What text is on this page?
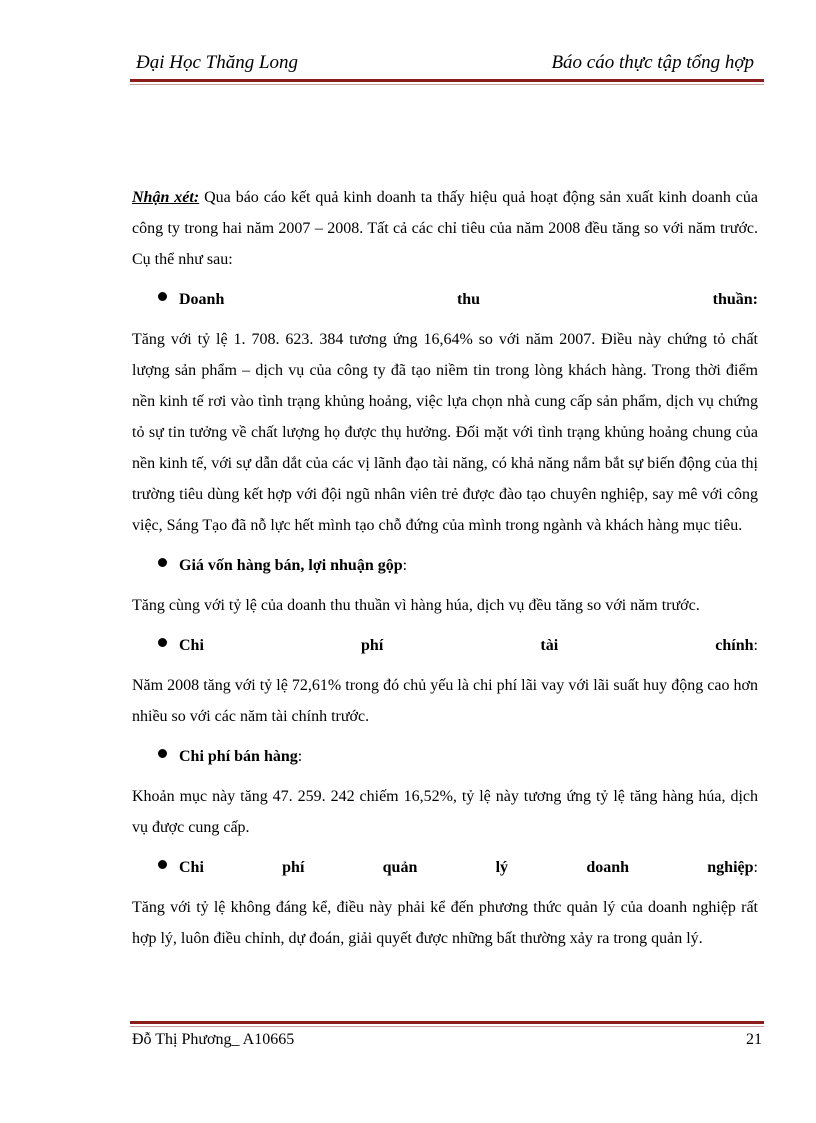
Đại Học Thăng Long	Báo cáo thực tập tổng hợp

Nhận xét: Qua báo cáo kết quả kinh doanh ta thấy hiệu quả hoạt động sản xuất kinh doanh của công ty trong hai năm 2007 – 2008. Tất cả các chỉ tiêu của năm 2008 đều tăng so với năm trước. Cụ thể như sau:

Doanh	thu	thuần:

Tăng với tỷ lệ 1. 708. 623. 384 tương ứng 16,64% so với năm 2007. Điều này chứng tỏ chất lượng sản phẩm – dịch vụ của công ty đã tạo niềm tin trong lòng khách hàng. Trong thời điểm nền kinh tế rơi vào tình trạng khủng hoảng, việc lựa chọn nhà cung cấp sản phẩm, dịch vụ chứng tỏ sự tin tưởng về chất lượng họ được thụ hưởng. Đối mặt với tình trạng khủng hoảng chung của nền kinh tế, với sự dẫn dắt của các vị lãnh đạo tài năng, có khả năng nắm bắt sự biến động của thị trường tiêu dùng kết hợp với đội ngũ nhân viên trẻ được đào tạo chuyên nghiệp, say mê với công việc, Sáng Tạo đã nỗ lực hết mình tạo chỗ đứng của mình trong ngành và khách hàng mục tiêu.

Giá vốn hàng bán, lợi nhuận gộp:

Tăng cùng với tỷ lệ của doanh thu thuần vì hàng húa, dịch vụ đều tăng so với năm trước.

Chi	phí	tài	chính:

Năm 2008 tăng với tỷ lệ 72,61% trong đó chủ yếu là chi phí lãi vay với lãi suất huy động cao hơn nhiều so với các năm tài chính trước.

Chi phí bán hàng:

Khoản mục này tăng 47. 259. 242 chiếm 16,52%, tỷ lệ này tương ứng tỷ lệ tăng hàng húa, dịch vụ được cung cấp.

Chi	phí	quản	lý	doanh	nghiệp:

Tăng với tỷ lệ không đáng kể, điều này phải kể đến phương thức quản lý của doanh nghiệp rất hợp lý, luôn điều chỉnh, dự đoán, giải quyết được những bất thường xảy ra trong quản lý.

Đỗ Thị Phương_ A10665	21
